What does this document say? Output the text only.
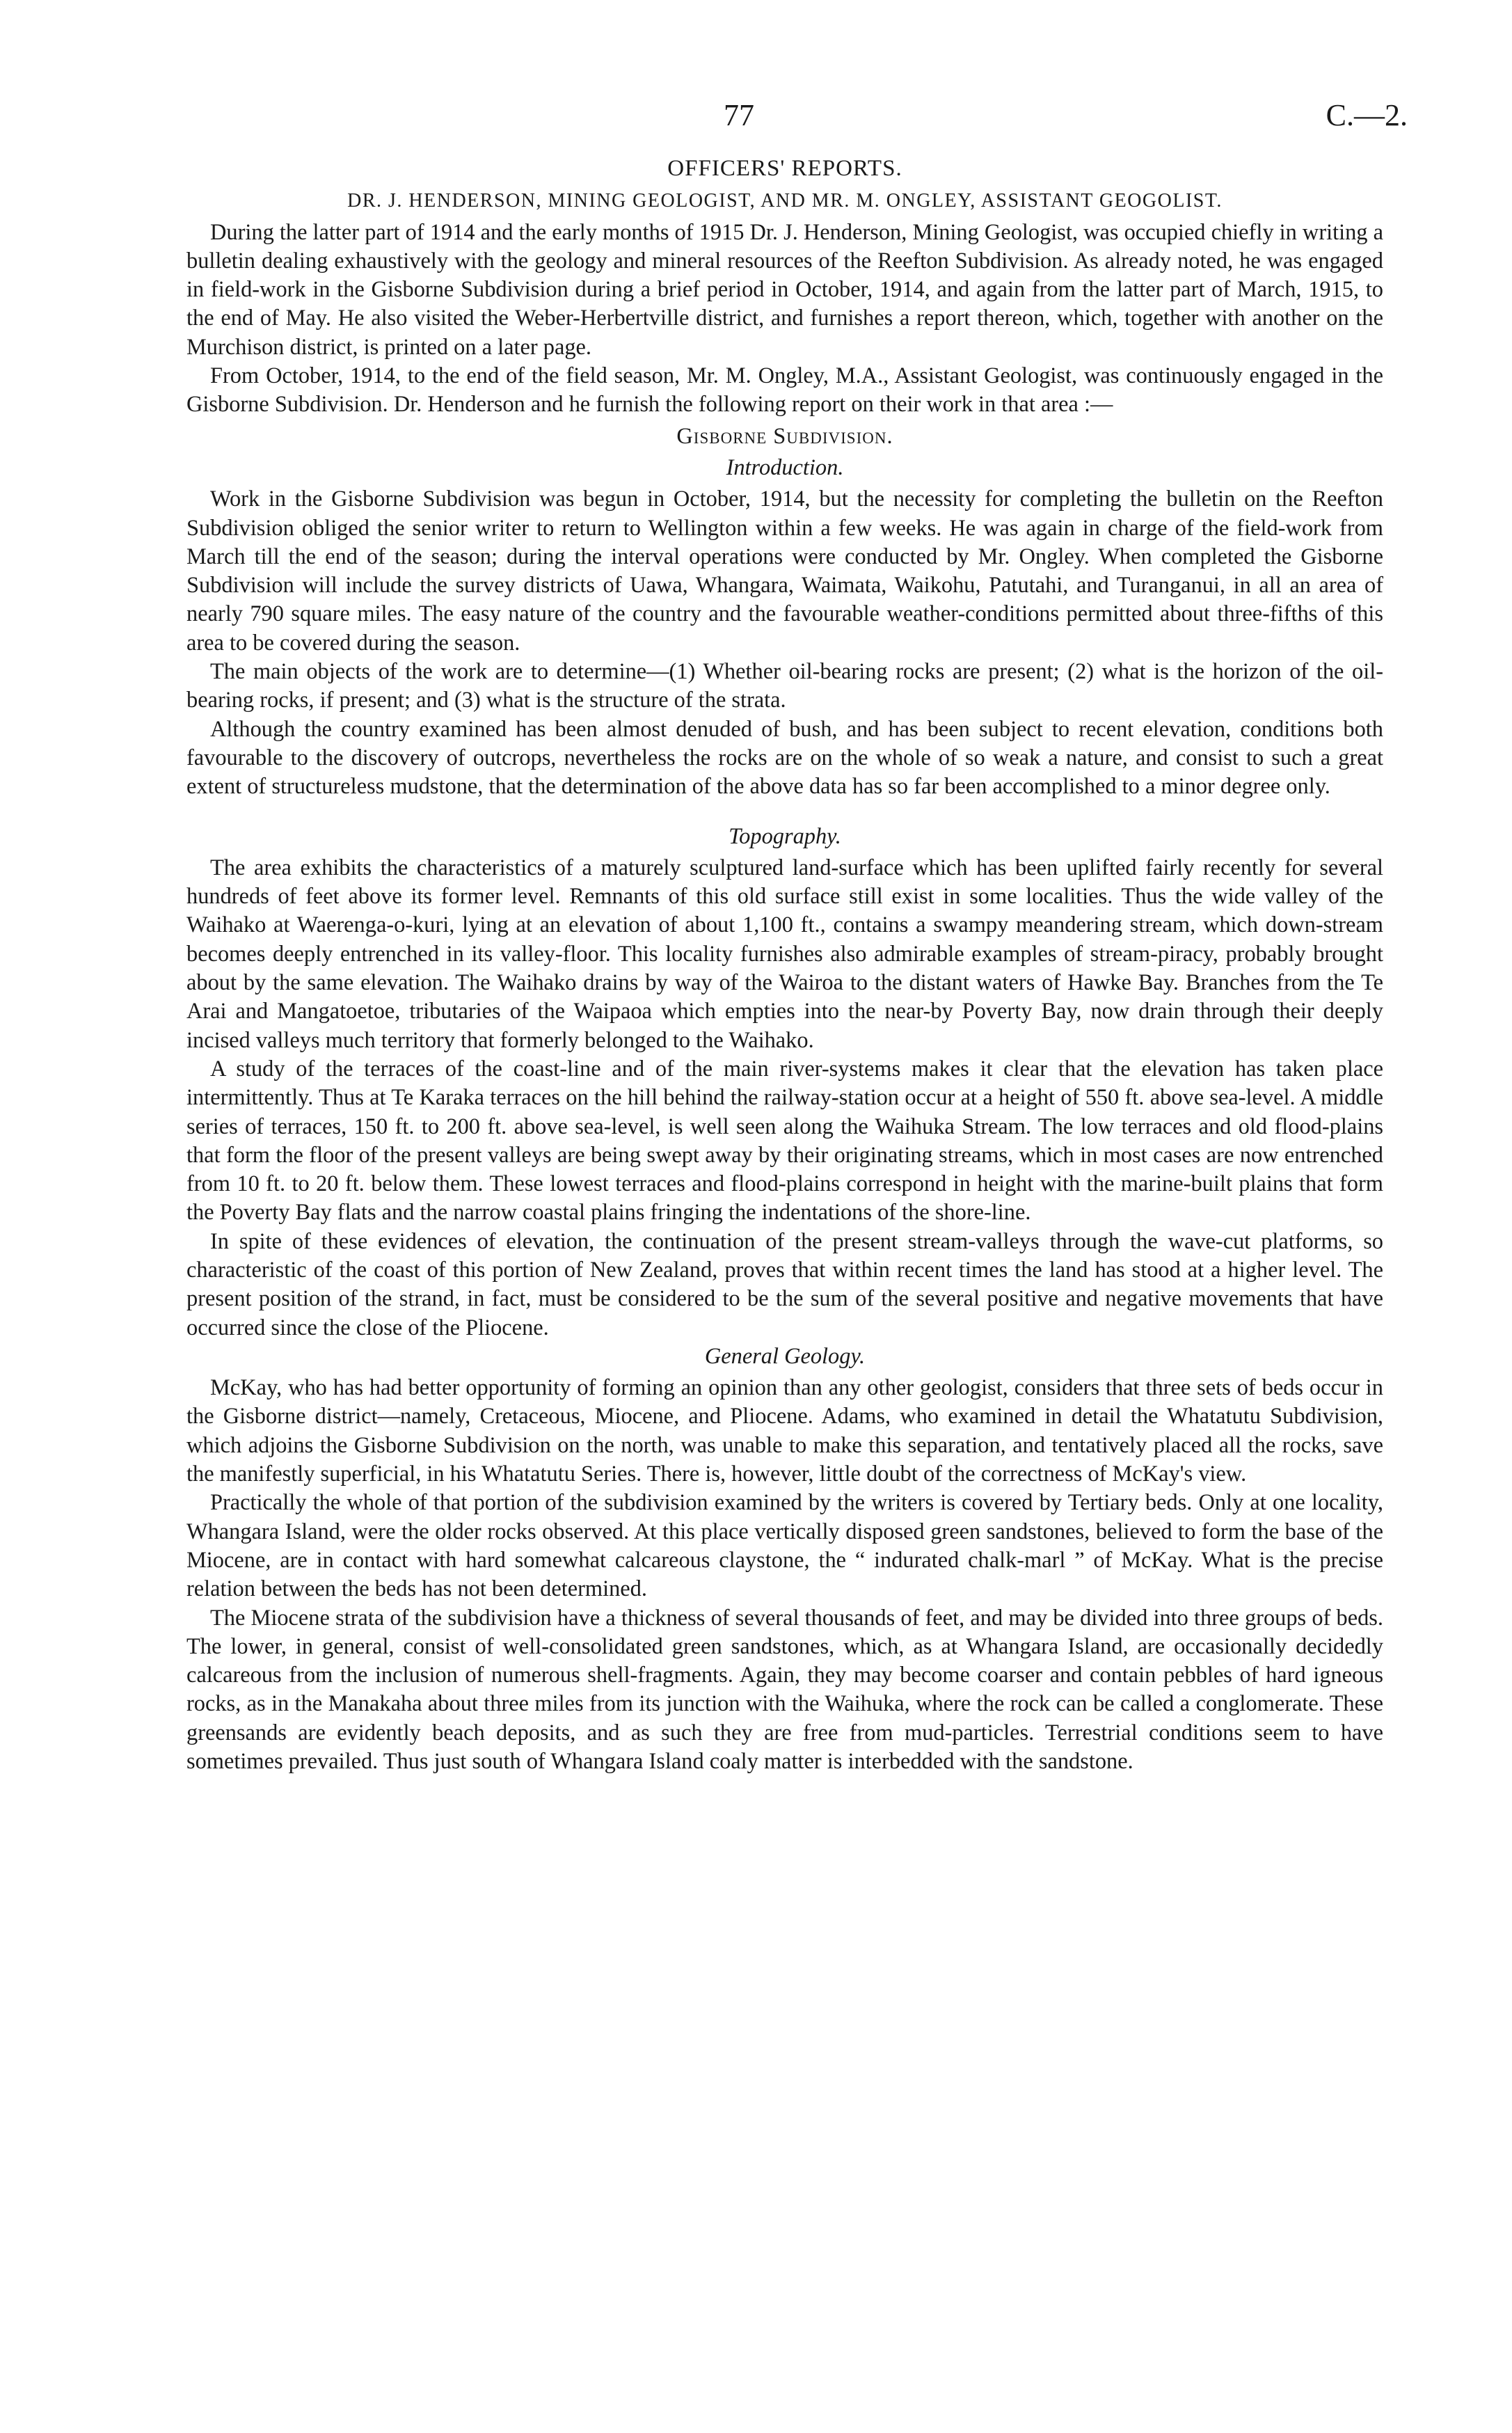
77	C.—2.

OFFICERS' REPORTS.

DR. J. HENDERSON, MINING GEOLOGIST, AND MR. M. ONGLEY, ASSISTANT GEOGOLIST.

During the latter part of 1914 and the early months of 1915 Dr. J. Henderson, Mining Geologist, was occupied chiefly in writing a bulletin dealing exhaustively with the geology and mineral resources of the Reefton Subdivision. As already noted, he was engaged in field-work in the Gisborne Subdivision during a brief period in October, 1914, and again from the latter part of March, 1915, to the end of May. He also visited the Weber-Herbertville district, and furnishes a report thereon, which, together with another on the Murchison district, is printed on a later page.

From October, 1914, to the end of the field season, Mr. M. Ongley, M.A., Assistant Geologist, was continuously engaged in the Gisborne Subdivision. Dr. Henderson and he furnish the following report on their work in that area :—

Gisborne Subdivision.

Introduction.

Work in the Gisborne Subdivision was begun in October, 1914, but the necessity for completing the bulletin on the Reefton Subdivision obliged the senior writer to return to Wellington within a few weeks. He was again in charge of the field-work from March till the end of the season; during the interval operations were conducted by Mr. Ongley. When completed the Gisborne Subdivision will include the survey districts of Uawa, Whangara, Waimata, Waikohu, Patutahi, and Turanganui, in all an area of nearly 790 square miles. The easy nature of the country and the favourable weather-conditions permitted about three-fifths of this area to be covered during the season.

The main objects of the work are to determine—(1) Whether oil-bearing rocks are present; (2) what is the horizon of the oil-bearing rocks, if present; and (3) what is the structure of the strata.

Although the country examined has been almost denuded of bush, and has been subject to recent elevation, conditions both favourable to the discovery of outcrops, nevertheless the rocks are on the whole of so weak a nature, and consist to such a great extent of structureless mudstone, that the determination of the above data has so far been accomplished to a minor degree only.

Topography.

The area exhibits the characteristics of a maturely sculptured land-surface which has been uplifted fairly recently for several hundreds of feet above its former level. Remnants of this old surface still exist in some localities. Thus the wide valley of the Waihako at Waerenga-o-kuri, lying at an elevation of about 1,100 ft., contains a swampy meandering stream, which down-stream becomes deeply entrenched in its valley-floor. This locality furnishes also admirable examples of stream-piracy, probably brought about by the same elevation. The Waihako drains by way of the Wairoa to the distant waters of Hawke Bay. Branches from the Te Arai and Mangatoetoe, tributaries of the Waipaoa which empties into the near-by Poverty Bay, now drain through their deeply incised valleys much territory that formerly belonged to the Waihako.

A study of the terraces of the coast-line and of the main river-systems makes it clear that the elevation has taken place intermittently. Thus at Te Karaka terraces on the hill behind the railway-station occur at a height of 550 ft. above sea-level. A middle series of terraces, 150 ft. to 200 ft. above sea-level, is well seen along the Waihuka Stream. The low terraces and old flood-plains that form the floor of the present valleys are being swept away by their originating streams, which in most cases are now entrenched from 10 ft. to 20 ft. below them. These lowest terraces and flood-plains correspond in height with the marine-built plains that form the Poverty Bay flats and the narrow coastal plains fringing the indentations of the shore-line.

In spite of these evidences of elevation, the continuation of the present stream-valleys through the wave-cut platforms, so characteristic of the coast of this portion of New Zealand, proves that within recent times the land has stood at a higher level. The present position of the strand, in fact, must be considered to be the sum of the several positive and negative movements that have occurred since the close of the Pliocene.

General Geology.

McKay, who has had better opportunity of forming an opinion than any other geologist, considers that three sets of beds occur in the Gisborne district—namely, Cretaceous, Miocene, and Pliocene. Adams, who examined in detail the Whatatutu Subdivision, which adjoins the Gisborne Subdivision on the north, was unable to make this separation, and tentatively placed all the rocks, save the manifestly superficial, in his Whatatutu Series. There is, however, little doubt of the correctness of McKay's view.

Practically the whole of that portion of the subdivision examined by the writers is covered by Tertiary beds. Only at one locality, Whangara Island, were the older rocks observed. At this place vertically disposed green sandstones, believed to form the base of the Miocene, are in contact with hard somewhat calcareous claystone, the “ indurated chalk-marl ” of McKay. What is the precise relation between the beds has not been determined.

The Miocene strata of the subdivision have a thickness of several thousands of feet, and may be divided into three groups of beds. The lower, in general, consist of well-consolidated green sandstones, which, as at Whangara Island, are occasionally decidedly calcareous from the inclusion of numerous shell-fragments. Again, they may become coarser and contain pebbles of hard igneous rocks, as in the Manakaha about three miles from its junction with the Waihuka, where the rock can be called a conglomerate. These greensands are evidently beach deposits, and as such they are free from mud-particles. Terrestrial conditions seem to have sometimes prevailed. Thus just south of Whangara Island coaly matter is interbedded with the sandstone.
